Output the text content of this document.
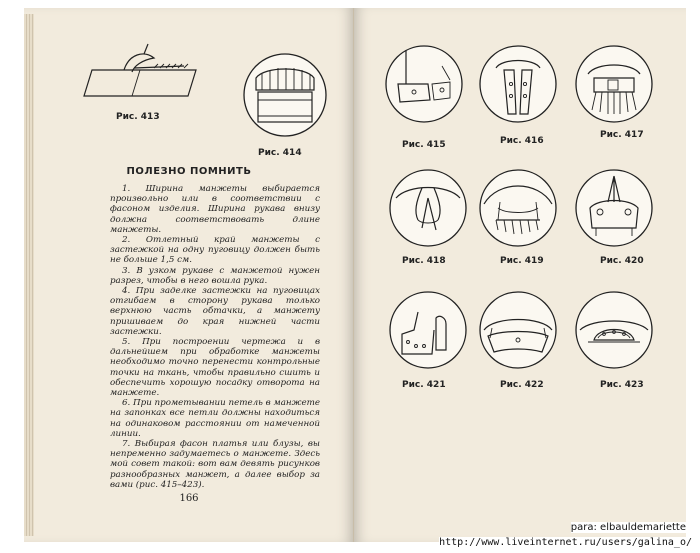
Рис. 413
Рис. 414
ПОЛЕЗНО ПОМНИТЬ

1. Ширина манжеты выбирается произвольно или в соответствии с фасоном изделия. Ширина рукава внизу должна соответствовать длине манжеты.

2. Отлетный край манжеты с застежкой на одну пуговицу должен быть не больше 1,5 см.

3. В узком рукаве с манжетой нужен разрез, чтобы в него вошла рука.

4. При заделке застежки на пуговицах отгибаем в сторону рукава только верхнюю часть обтачки, а манжету пришиваем до края нижней части застежки.

5. При построении чертежа и в дальнейшем при обработке манжеты необходимо точно перенести контрольные точки на ткань, чтобы правильно сшить и обеспечить хорошую посадку отворота на манжете.

6. При прометывании петель в манжете на запонках все петли должны находиться на одинаковом расстоянии от намеченной линии.

7. Выбирая фасон платья или блузы, вы непременно задумаетесь о манжете. Здесь мой совет такой: вот вам девять рисунков разнообразных манжет, а далее выбор за вами (рис. 415–423).

166
Рис. 415	Рис. 416
Рис. 417
Рис. 418	Рис. 419	Рис. 420
Рис. 421	Рис. 422	Рис. 423
para: elbauldemariette
http://www.liveinternet.ru/users/galina_o/
